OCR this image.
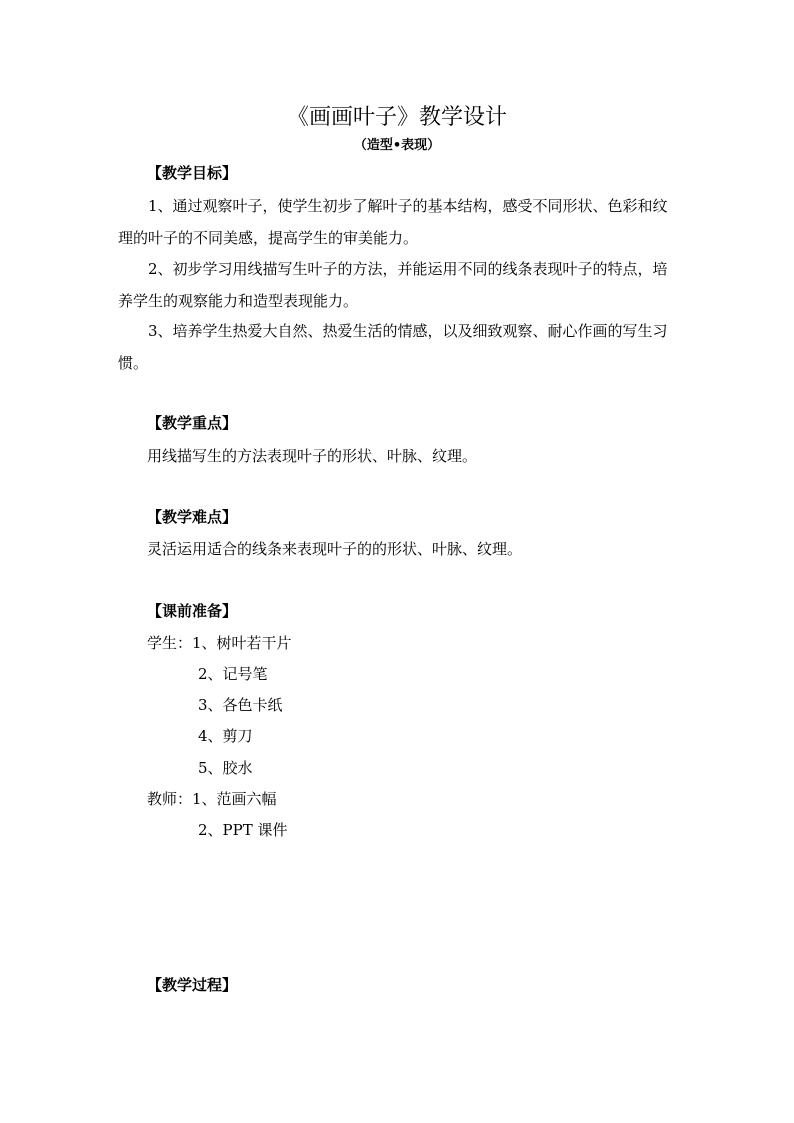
《画画叶子》教学设计
（造型•表现）
【教学目标】
1、通过观察叶子，使学生初步了解叶子的基本结构，感受不同形状、色彩和纹理的叶子的不同美感，提高学生的审美能力。
2、初步学习用线描写生叶子的方法，并能运用不同的线条表现叶子的特点，培养学生的观察能力和造型表现能力。
3、培养学生热爱大自然、热爱生活的情感，以及细致观察、耐心作画的写生习惯。
【教学重点】
用线描写生的方法表现叶子的形状、叶脉、纹理。
【教学难点】
灵活运用适合的线条来表现叶子的的形状、叶脉、纹理。
【课前准备】
学生： 1、树叶若干片
2、记号笔
3、各色卡纸
4、剪刀
5、胶水
教师： 1、范画六幅
2、PPT 课件
【教学过程】
